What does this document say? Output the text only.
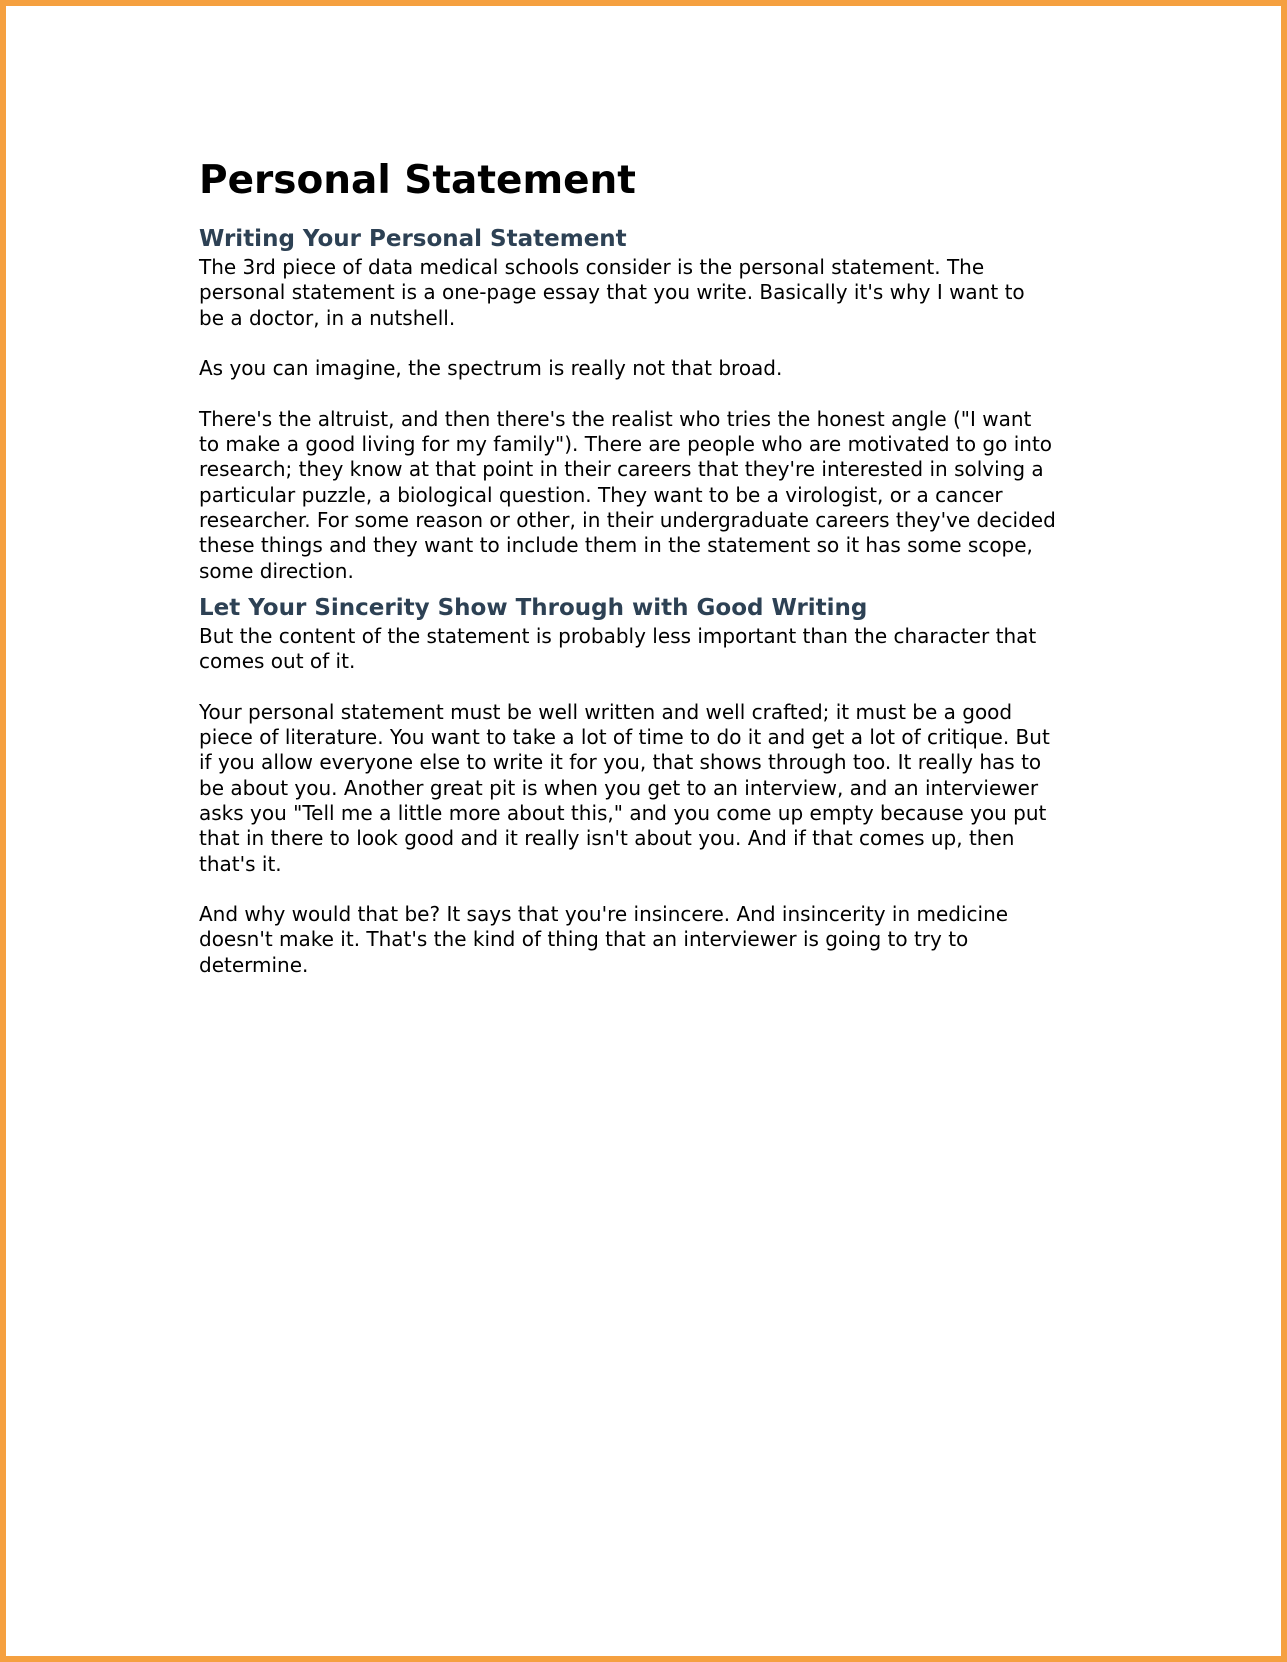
Personal Statement
Writing Your Personal Statement

The 3rd piece of data medical schools consider is the personal statement. The
personal statement is a one-page essay that you write. Basically it's why I want to
be a doctor, in a nutshell.

As you can imagine, the spectrum is really not that broad.

There's the altruist, and then there's the realist who tries the honest angle ("I want
to make a good living for my family"). There are people who are motivated to go into
research; they know at that point in their careers that they're interested in solving a
particular puzzle, a biological question. They want to be a virologist, or a cancer
researcher. For some reason or other, in their undergraduate careers they've decided
these things and they want to include them in the statement so it has some scope,
some direction.

Let Your Sincerity Show Through with Good Writing

But the content of the statement is probably less important than the character that
comes out of it.

Your personal statement must be well written and well crafted; it must be a good
piece of literature. You want to take a lot of time to do it and get a lot of critique. But
if you allow everyone else to write it for you, that shows through too. It really has to
be about you. Another great pit is when you get to an interview, and an interviewer
asks you "Tell me a little more about this," and you come up empty because you put
that in there to look good and it really isn't about you. And if that comes up, then
that's it.

And why would that be? It says that you're insincere. And insincerity in medicine
doesn't make it. That's the kind of thing that an interviewer is going to try to
determine.
